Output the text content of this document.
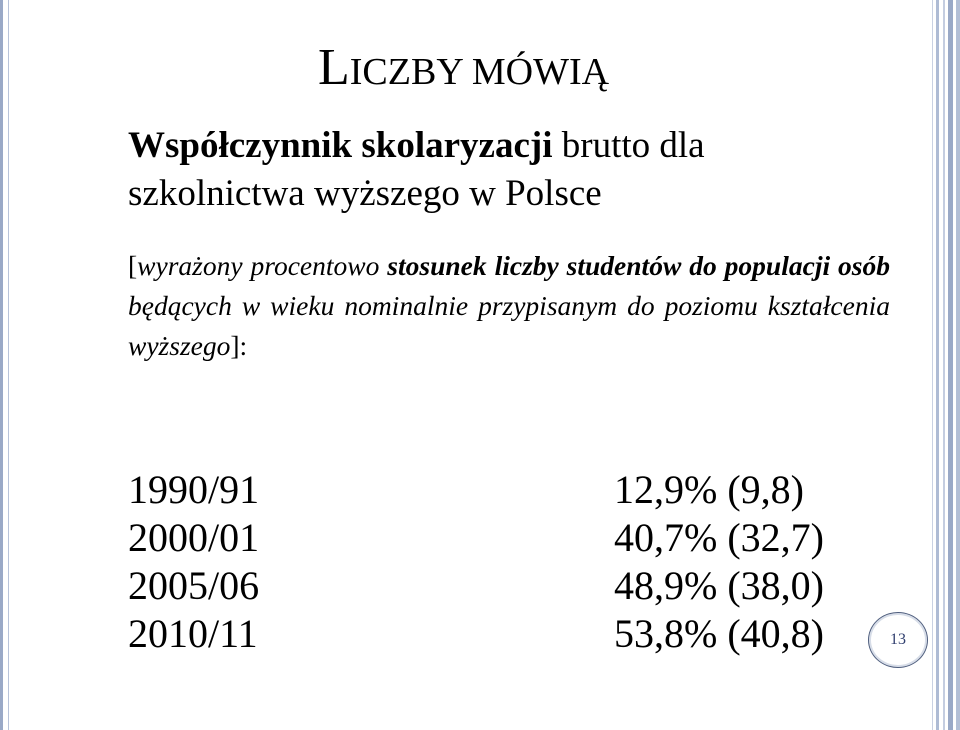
LICZBY MÓWIĄ
Współczynnik skolaryzacji brutto dla szkolnictwa wyższego w Polsce
[wyrażony procentowo stosunek liczby studentów do populacji osób będących w wieku nominalnie przypisanym do poziomu kształcenia wyższego]:
1990/91	12,9% (9,8)
2000/01	40,7% (32,7)
2005/06	48,9% (38,0)
2010/11	53,8% (40,8)	13
